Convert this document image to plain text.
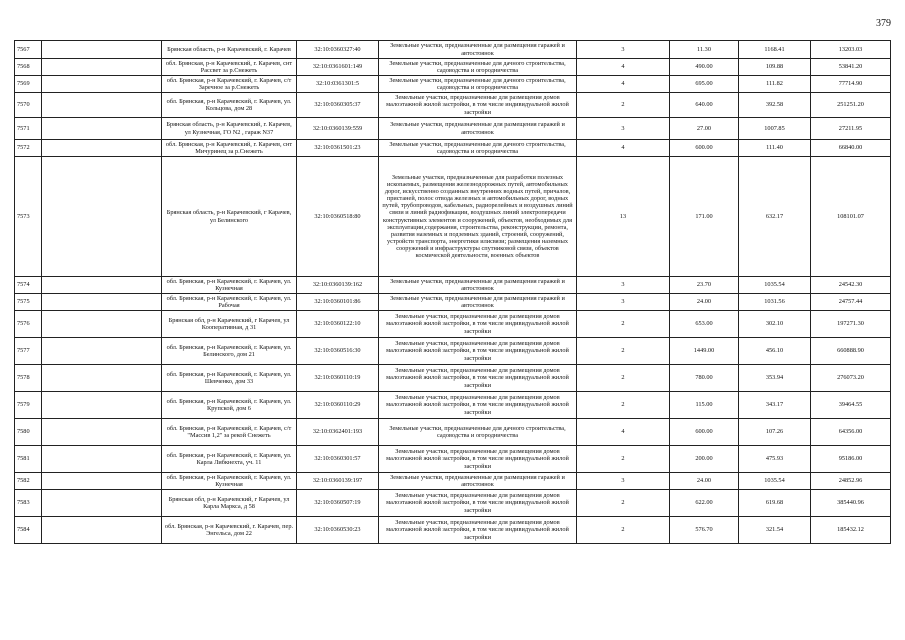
379
7567		Брянская область, р-н Карачевский, г. Карачев	32:10:0360327:40	Земельные участки, предназначенные для размещения гаражей и автостоянок	3	11.30	1168.41	13203.03
7568		обл. Брянская, р-н Карачевский, г. Карачев, снт Рассвет за р.Снежеть	32:10:0361601:149	Земельные участки, предназначенные для дачного строительства, садоводства и огородничества	4	490.00	109.88	53841.20
7569		обл. Брянская, р-н Карачевский, г. Карачев, с/т Заречное за р.Снежеть	32:10:0361301:5	Земельные участки, предназначенные для дачного строительства, садоводства и огородничества	4	695.00	111.82	77714.90
7570		обл. Брянская, р-н Карачевский, г. Карачев, ул. Кольцова, дом 28	32:10:0360305:37	Земельные участки, предназначенные для размещения домов малоэтажной жилой застройки, в том числе индивидуальной жилой застройки	2	640.00	392.58	251251.20
7571		Брянская область, р-н Карачевский, г. Карачев, ул Кузнечная, ГО N2 , гараж N37	32:10:0360139:559	Земельные участки, предназначенные для размещения гаражей и автостоянок	3	27.00	1007.85	27211.95
7572		обл. Брянская, р-н Карачевский, г. Карачев, снт Мичуринец за р.Снежеть	32:10:0361501:23	Земельные участки, предназначенные для дачного строительства, садоводства и огородничества	4	600.00	111.40	66840.00
7573		Брянская область, р-н Карачевский, г Карачев, ул Белинского	32:10:0360518:80	Земельные участки, предназначенные для разработки полезных ископаемых, размещения железнодорожных путей, автомобильных дорог, искусственно созданных внутренних водных путей, причалов, пристаней, полос отвода железных и автомобильных дорог, водных путей, трубопроводов, кабельных, радиорелейных и воздушных линий связи и линий радиофикации, воздушных линий электропередачи конструктивных элементов и сооружений, объектов, необходимых для эксплуатации,содержания, строительства, реконструкции, ремонта, развития наземных и подземных зданий, строений, сооружений, устройств транспорта, энергетики илисвязи; размещения наземных сооружений и инфраструктуры спутниковой связи, объектов космической деятельности, военных объектов	13	171.00	632.17	108101.07
7574		обл. Брянская, р-н Карачевский, г. Карачев, ул. Кузнечная	32:10:0360139:162	Земельные участки, предназначенные для размещения гаражей и автостоянок	3	23.70	1035.54	24542.30
7575		обл. Брянская, р-н Карачевский, г. Карачев, ул. Рабочая	32:10:0360101:86	Земельные участки, предназначенные для размещения гаражей и автостоянок	3	24.00	1031.56	24757.44
7576		Брянская обл, р-н Карачевский, г Карачев, ул Кооперативная, д 31	32:10:0360122:10	Земельные участки, предназначенные для размещения домов малоэтажной жилой застройки, в том числе индивидуальной жилой застройки	2	653.00	302.10	197271.30
7577		обл. Брянская, р-н Карачевский, г. Карачев, ул. Белинского, дом 21	32:10:0360516:30	Земельные участки, предназначенные для размещения домов малоэтажной жилой застройки, в том числе индивидуальной жилой застройки	2	1449.00	456.10	660888.90
7578		обл. Брянская, р-н Карачевский, г. Карачев, ул. Шевченко, дом 33	32:10:0360110:19	Земельные участки, предназначенные для размещения домов малоэтажной жилой застройки, в том числе индивидуальной жилой застройки	2	780.00	353.94	276073.20
7579		обл. Брянская, р-н Карачевский, г. Карачев, ул. Крупской, дом 6	32:10:0360110:29	Земельные участки, предназначенные для размещения домов малоэтажной жилой застройки, в том числе индивидуальной жилой застройки	2	115.00	343.17	39464.55
7580		обл. Брянская, р-н Карачевский, г. Карачев, с/т "Массив 1,2" за рекой Снежеть	32:10:0362401:193	Земельные участки, предназначенные для дачного строительства, садоводства и огородничества	4	600.00	107.26	64356.00
7581		обл. Брянская, р-н Карачевский, г. Карачев, ул. Карла Либкнехта, уч. 11	32:10:0360301:57	Земельные участки, предназначенные для размещения домов малоэтажной жилой застройки, в том числе индивидуальной жилой застройки	2	200.00	475.93	95186.00
7582		обл. Брянская, р-н Карачевский, г. Карачев, ул. Кузнечная	32:10:0360139:197	Земельные участки, предназначенные для размещения гаражей и автостоянок	3	24.00	1035.54	24852.96
7583		Брянская обл, р-н Карачевский, г Карачев, ул Карла Маркса, д 58	32:10:0360507:19	Земельные участки, предназначенные для размещения домов малоэтажной жилой застройки, в том числе индивидуальной жилой застройки	2	622.00	619.68	385440.96
7584		обл. Брянская, р-н Карачевский, г. Карачев, пер. Энгельса, дом 22	32:10:0360530:23	Земельные участки, предназначенные для размещения домов малоэтажной жилой застройки, в том числе индивидуальной жилой застройки	2	576.70	321.54	185432.12
